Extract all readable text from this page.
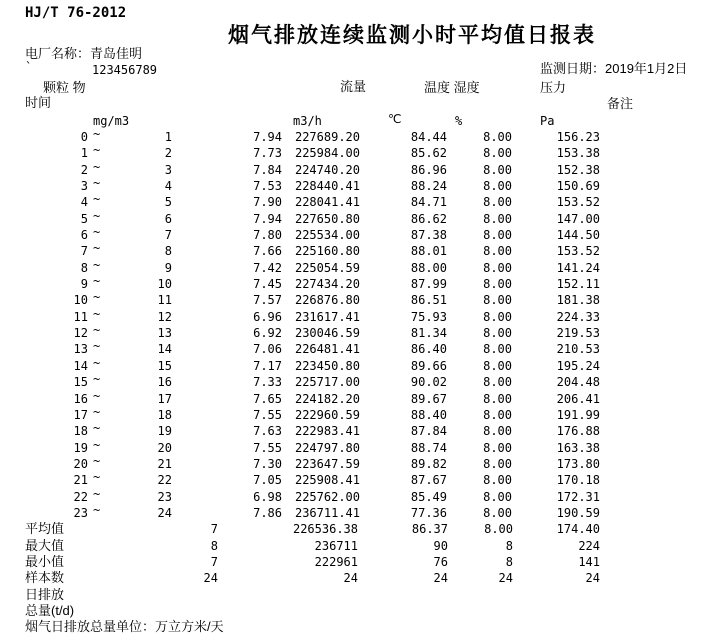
HJ/T 76-2012
烟气排放连续监测小时平均值日报表
电厂名称：青岛佳明
`	123456789	监测日期：2019年1月2日
颗粒 物	流量	温度 湿度	压力
时间	备注
mg/m3	m3/h	℃	%	Pa
0 ~	1	7.94	227689.20	84.44	8.00	156.23
1 ~	2	7.73	225984.00	85.62	8.00	153.38
2 ~	3	7.84	224740.20	86.96	8.00	152.38
3 ~	4	7.53	228440.41	88.24	8.00	150.69
4 ~	5	7.90	228041.41	84.71	8.00	153.52
5 ~	6	7.94	227650.80	86.62	8.00	147.00
6 ~	7	7.80	225534.00	87.38	8.00	144.50
7 ~	8	7.66	225160.80	88.01	8.00	153.52
8 ~	9	7.42	225054.59	88.00	8.00	141.24
9 ~	10	7.45	227434.20	87.99	8.00	152.11
10 ~	11	7.57	226876.80	86.51	8.00	181.38
11 ~	12	6.96	231617.41	75.93	8.00	224.33
12 ~	13	6.92	230046.59	81.34	8.00	219.53
13 ~	14	7.06	226481.41	86.40	8.00	210.53
14 ~	15	7.17	223450.80	89.66	8.00	195.24
15 ~	16	7.33	225717.00	90.02	8.00	204.48
16 ~	17	7.65	224182.20	89.67	8.00	206.41
17 ~	18	7.55	222960.59	88.40	8.00	191.99
18 ~	19	7.63	222983.41	87.84	8.00	176.88
19 ~	20	7.55	224797.80	88.74	8.00	163.38
20 ~	21	7.30	223647.59	89.82	8.00	173.80
21 ~	22	7.05	225908.41	87.67	8.00	170.18
22 ~	23	6.98	225762.00	85.49	8.00	172.31
23 ~	24	7.86	236711.41	77.36	8.00	190.59
平均值	7	226536.38	86.37	8.00	174.40
最大值	8	236711	90	8	224
最小值	7	222961	76	8	141
样本数	24	24	24	24	24
日排放
总量(t/d)
烟气日排放总量单位：万立方米/天
